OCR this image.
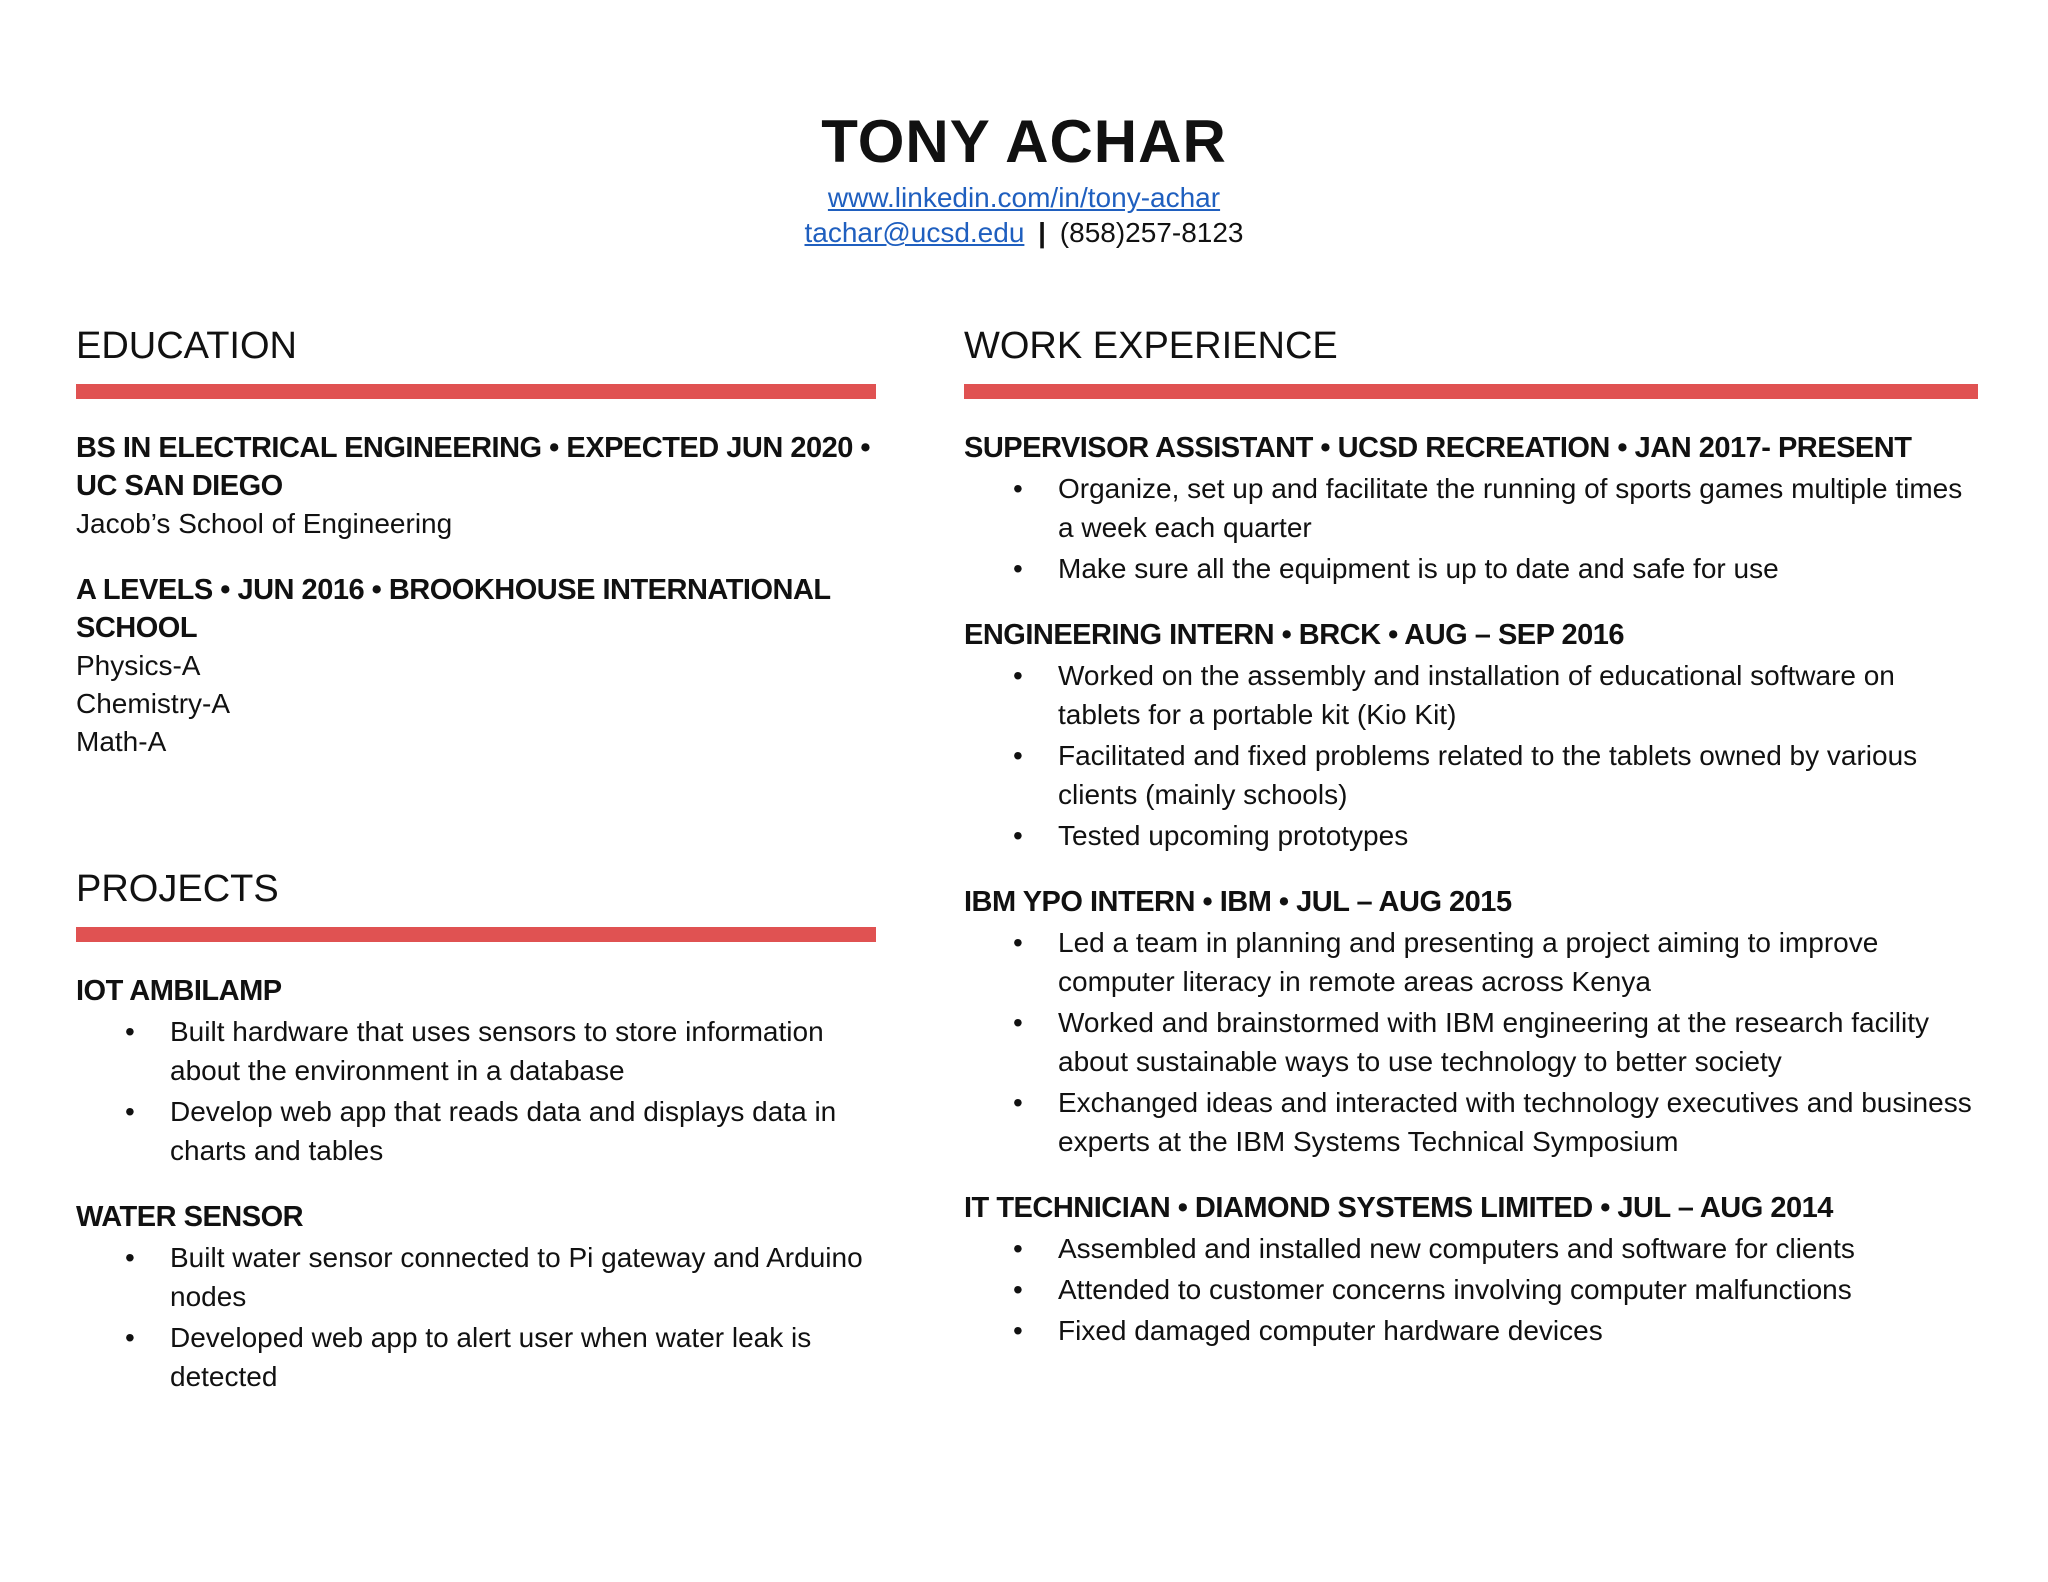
TONY ACHAR
www.linkedin.com/in/tony-achar
tachar@ucsd.edu | (858)257-8123
EDUCATION
BS IN ELECTRICAL ENGINEERING • EXPECTED JUN 2020 • UC SAN DIEGO
Jacob’s School of Engineering
A LEVELS • JUN 2016 • BROOKHOUSE INTERNATIONAL SCHOOL
Physics-A
Chemistry-A
Math-A
PROJECTS
IOT AMBILAMP
• Built hardware that uses sensors to store information about the environment in a database
• Develop web app that reads data and displays data in charts and tables
WATER SENSOR
• Built water sensor connected to Pi gateway and Arduino nodes
• Developed web app to alert user when water leak is detected
WORK EXPERIENCE
SUPERVISOR ASSISTANT • UCSD RECREATION • JAN 2017- PRESENT
• Organize, set up and facilitate the running of sports games multiple times a week each quarter
• Make sure all the equipment is up to date and safe for use
ENGINEERING INTERN • BRCK • AUG – SEP 2016
• Worked on the assembly and installation of educational software on tablets for a portable kit (Kio Kit)
• Facilitated and fixed problems related to the tablets owned by various clients (mainly schools)
• Tested upcoming prototypes
IBM YPO INTERN • IBM • JUL – AUG 2015
• Led a team in planning and presenting a project aiming to improve computer literacy in remote areas across Kenya
• Worked and brainstormed with IBM engineering at the research facility about sustainable ways to use technology to better society
• Exchanged ideas and interacted with technology executives and business experts at the IBM Systems Technical Symposium
IT TECHNICIAN • DIAMOND SYSTEMS LIMITED • JUL – AUG 2014
• Assembled and installed new computers and software for clients
• Attended to customer concerns involving computer malfunctions
• Fixed damaged computer hardware devices
